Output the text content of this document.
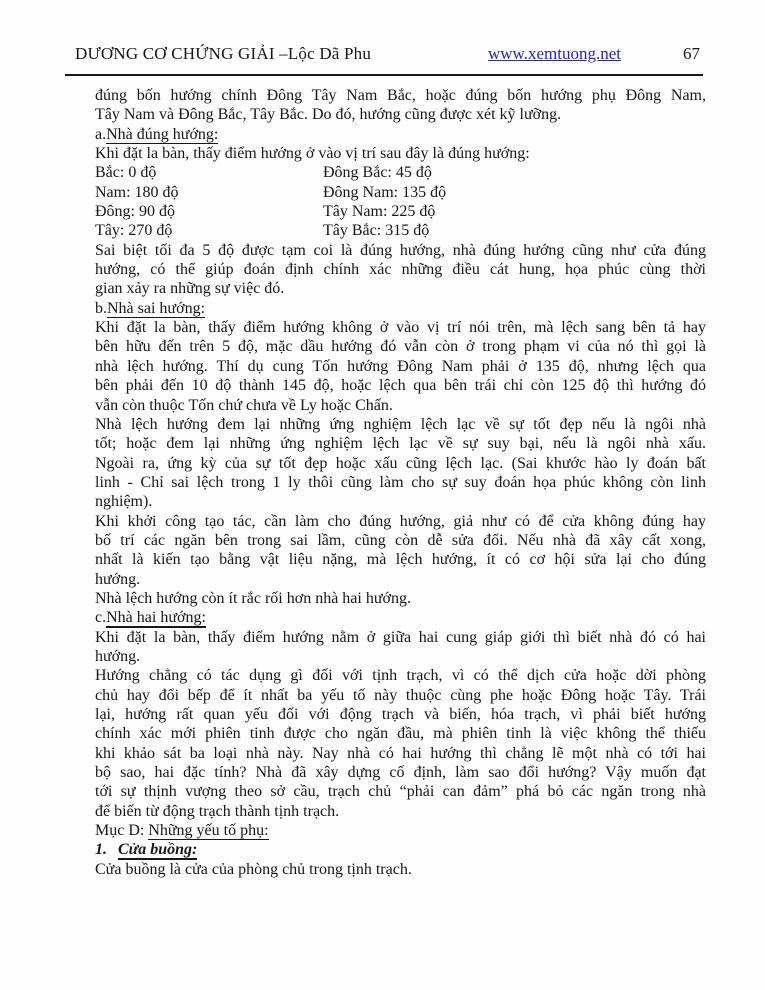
DƯƠNG CƠ CHỨNG GIẢI –Lộc Dã Phu	www.xemtuong.net	67
đúng bốn hướng chính Đông Tây Nam Bắc, hoặc đúng bốn hướng phụ Đông Nam,
Tây Nam và Đông Bắc, Tây Bắc. Do đó, hướng cũng được xét kỹ lưỡng.
a.Nhà đúng hướng:
Khi đặt la bàn, thấy điểm hướng ở vào vị trí sau đây là đúng hướng:
Bắc: 0 độ	Đông Bắc: 45 độ
Nam: 180 độ	Đông Nam: 135 độ
Đông: 90 độ	Tây Nam: 225 độ
Tây: 270 độ	Tây Bắc: 315 độ
Sai biệt tối đa 5 độ được tạm coi là đúng hướng, nhà đúng hướng cũng như cửa đúng
hướng, có thể giúp đoán định chính xác những điều cát hung, họa phúc cùng thời
gian xảy ra những sự việc đó.
b.Nhà sai hướng:
Khi đặt la bàn, thấy điểm hướng không ở vào vị trí nói trên, mà lệch sang bên tả hay
bên hữu đến trên 5 độ, mặc dầu hướng đó vẫn còn ở trong phạm vi của nó thì gọi là
nhà lệch hướng. Thí dụ cung Tốn hướng Đông Nam phải ở 135 độ, nhưng lệch qua
bên phải đến 10 độ thành 145 độ, hoặc lệch qua bên trái chỉ còn 125 độ thì hướng đó
vẫn còn thuộc Tốn chứ chưa về Ly hoặc Chấn.
Nhà lệch hướng đem lại những ứng nghiệm lệch lạc về sự tốt đẹp nếu là ngôi nhà
tốt; hoặc đem lại những ứng nghiệm lệch lạc về sự suy bại, nếu là ngôi nhà xấu.
Ngoài ra, ứng kỳ của sự tốt đẹp hoặc xấu cũng lệch lạc. (Sai khước hào ly đoán bất
linh - Chỉ sai lệch trong 1 ly thôi cũng làm cho sự suy đoán họa phúc không còn linh
nghiệm).
Khi khởi công tạo tác, cần làm cho đúng hướng, giả như có để cửa không đúng hay
bố trí các ngăn bên trong sai lầm, cũng còn dễ sửa đổi. Nếu nhà đã xây cất xong,
nhất là kiến tạo bằng vật liệu nặng, mà lệch hướng, ít có cơ hội sửa lại cho đúng
hướng.
Nhà lệch hướng còn ít rắc rối hơn nhà hai hướng.
c.Nhà hai hướng:
Khi đặt la bàn, thấy điểm hướng nằm ở giữa hai cung giáp giới thì biết nhà đó có hai
hướng.
Hướng chẳng có tác dụng gì đối với tịnh trạch, vì có thể dịch cửa hoặc dời phòng
chủ hay đổi bếp để ít nhất ba yếu tố này thuộc cùng phe hoặc Đông hoặc Tây. Trái
lại, hướng rất quan yếu đối với động trạch và biến, hóa trạch, vì phải biết hướng
chính xác mới phiên tinh được cho ngăn đầu, mà phiên tinh là việc không thể thiếu
khi khảo sát ba loại nhà này. Nay nhà có hai hướng thì chẳng lẽ một nhà có tới hai
bộ sao, hai đặc tính? Nhà đã xây dựng cố định, làm sao đổi hướng? Vậy muốn đạt
tới sự thịnh vượng theo sở cầu, trạch chủ “phải can đảm” phá bỏ các ngăn trong nhà
để biến từ động trạch thành tịnh trạch.
Mục D: Những yếu tố phụ:
1. Cửa buồng:
Cửa buồng là cửa của phòng chủ trong tịnh trạch.
